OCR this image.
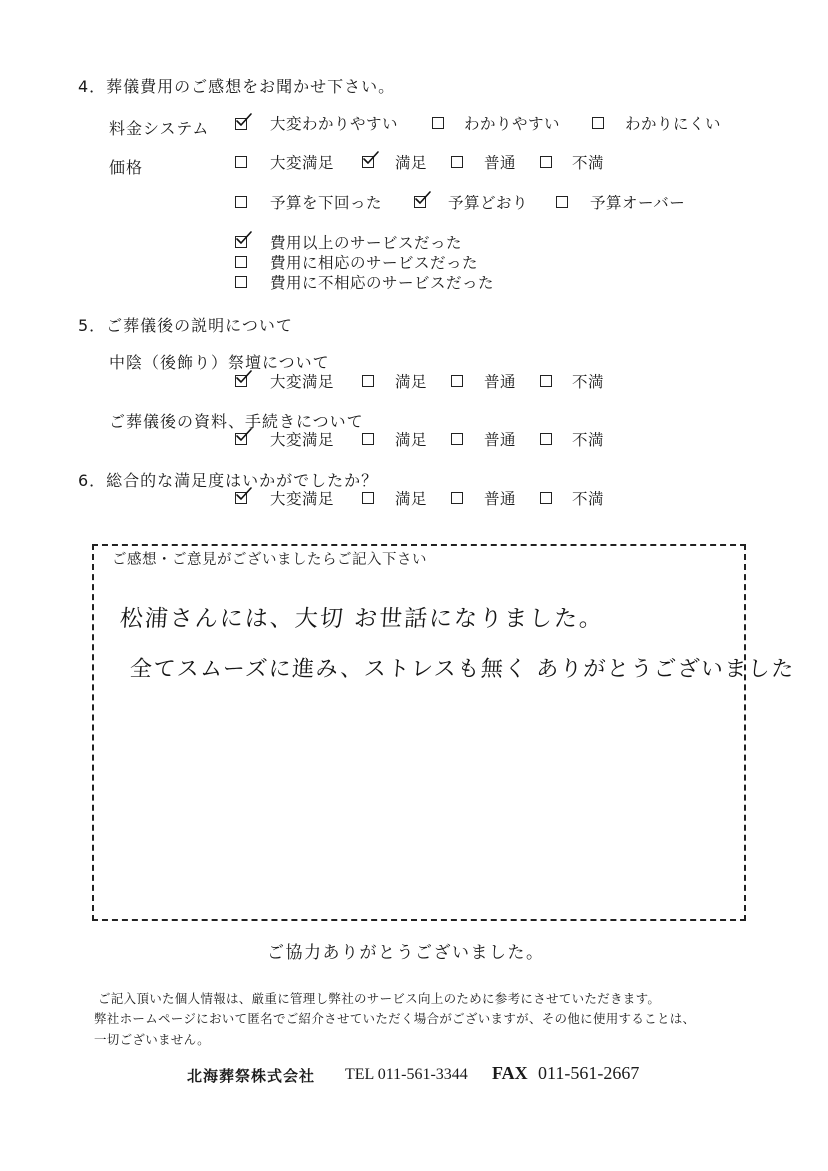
4．葬儀費用のご感想をお聞かせ下さい。
料金システム	大変わかりやすい	わかりやすい	わかりにくい
価格	大変満足	満足	普通	不満
予算を下回った	予算どおり	予算オーバー
費用以上のサービスだった
費用に相応のサービスだった
費用に不相応のサービスだった
5．ご葬儀後の説明について
中陰（後飾り）祭壇について
大変満足	満足	普通	不満
ご葬儀後の資料、手続きについて
大変満足	満足	普通	不満
6．総合的な満足度はいかがでしたか？
大変満足	満足	普通	不満
ご感想・ご意見がございましたらご記入下さい
松浦さんには、大切 お世話になりました。
全てスムーズに進み、ストレスも無く ありがとうございました
ご協力ありがとうございました。
ご記入頂いた個人情報は、厳重に管理し弊社のサービス向上のために参考にさせていただきます。
弊社ホームページにおいて匿名でご紹介させていただく場合がございますが、その他に使用することは、
一切ございません。
北海葬祭株式会社 TEL 011-561-3344 FAX 011-561-2667
